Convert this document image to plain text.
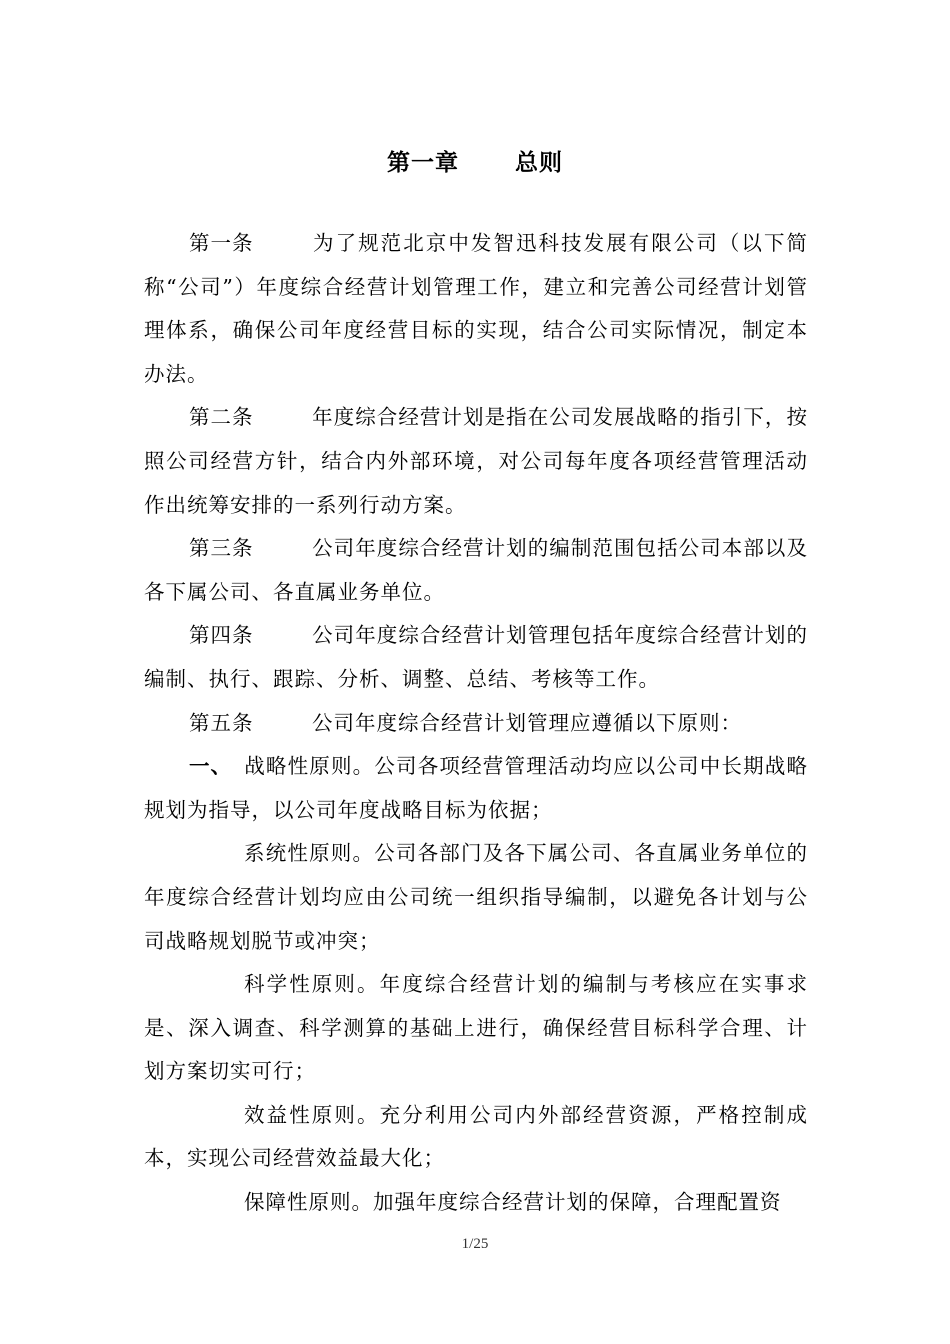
第一章 总则

第一条	为了规范北京中发智迅科技发展有限公司（以下简称“公司”）年度综合经营计划管理工作，建立和完善公司经营计划管理体系，确保公司年度经营目标的实现，结合公司实际情况，制定本办法。

第二条	年度综合经营计划是指在公司发展战略的指引下，按照公司经营方针，结合内外部环境，对公司每年度各项经营管理活动作出统筹安排的一系列行动方案。

第三条	公司年度综合经营计划的编制范围包括公司本部以及各下属公司、各直属业务单位。

第四条	公司年度综合经营计划管理包括年度综合经营计划的编制、执行、跟踪、分析、调整、总结、考核等工作。

第五条	公司年度综合经营计划管理应遵循以下原则：

一、 战略性原则。公司各项经营管理活动均应以公司中长期战略规划为指导，以公司年度战略目标为依据；

系统性原则。公司各部门及各下属公司、各直属业务单位的年度综合经营计划均应由公司统一组织指导编制，以避免各计划与公司战略规划脱节或冲突；

科学性原则。年度综合经营计划的编制与考核应在实事求是、深入调查、科学测算的基础上进行，确保经营目标科学合理、计划方案切实可行；

效益性原则。充分利用公司内外部经营资源，严格控制成本，实现公司经营效益最大化；

保障性原则。加强年度综合经营计划的保障，合理配置资

1/25
